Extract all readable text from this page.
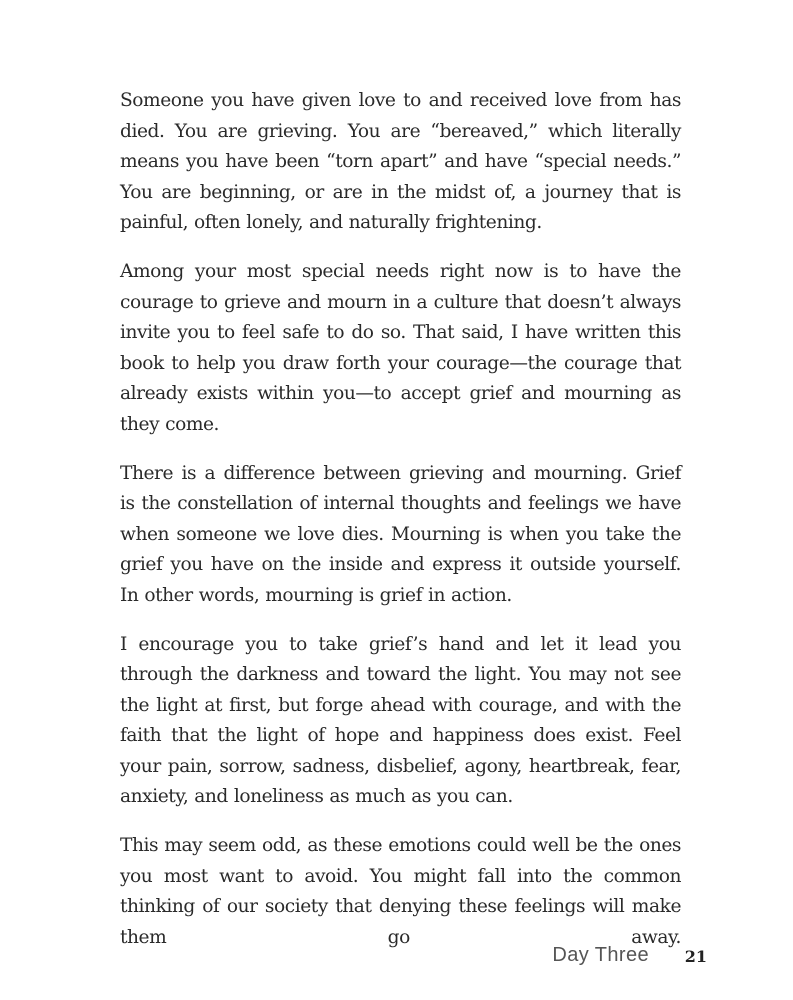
Someone you have given love to and received love from has died. You are grieving. You are “bereaved,” which literally means you have been “torn apart” and have “special needs.” You are beginning, or are in the midst of, a journey that is painful, often lonely, and naturally frightening.

Among your most special needs right now is to have the courage to grieve and mourn in a culture that doesn’t always invite you to feel safe to do so. That said, I have written this book to help you draw forth your courage—the courage that already exists within you—to accept grief and mourning as they come.

There is a difference between grieving and mourning. Grief is the constellation of internal thoughts and feelings we have when someone we love dies. Mourning is when you take the grief you have on the inside and express it outside yourself. In other words, mourning is grief in action.

I encourage you to take grief’s hand and let it lead you through the darkness and toward the light. You may not see the light at first, but forge ahead with courage, and with the faith that the light of hope and happiness does exist. Feel your pain, sorrow, sadness, disbelief, agony, heartbreak, fear, anxiety, and loneliness as much as you can.

This may seem odd, as these emotions could well be the ones you most want to avoid. You might fall into the common thinking of our society that denying these feelings will make them go away.

Day Three 21
